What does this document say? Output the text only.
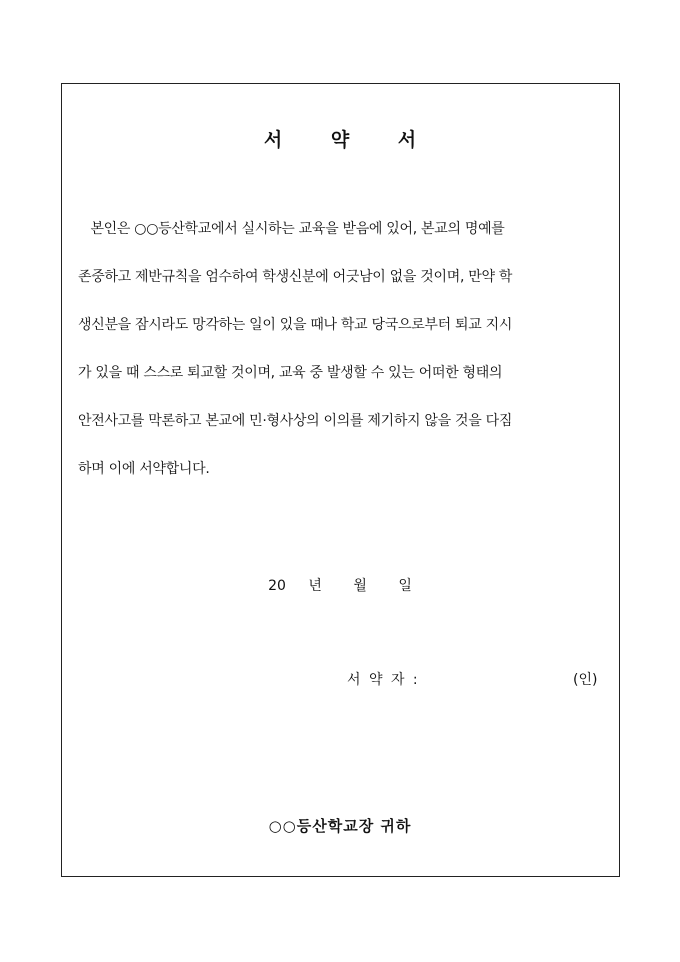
서	약	서
본인은 ○○등산학교에서 실시하는 교육을 받음에 있어, 본교의 명예를
존중하고 제반규칙을 엄수하여 학생신분에 어긋남이 없을 것이며, 만약 학
생신분을 잠시라도 망각하는 일이 있을 때나 학교 당국으로부터 퇴교 지시
가 있을 때 스스로 퇴교할 것이며, 교육 중 발생할 수 있는 어떠한 형태의
안전사고를 막론하고 본교에 민·형사상의 이의를 제기하지 않을 것을 다짐
하며 이에 서약합니다.
20 년 월 일
서 약 자 :	(인)
○○등산학교장 귀하
